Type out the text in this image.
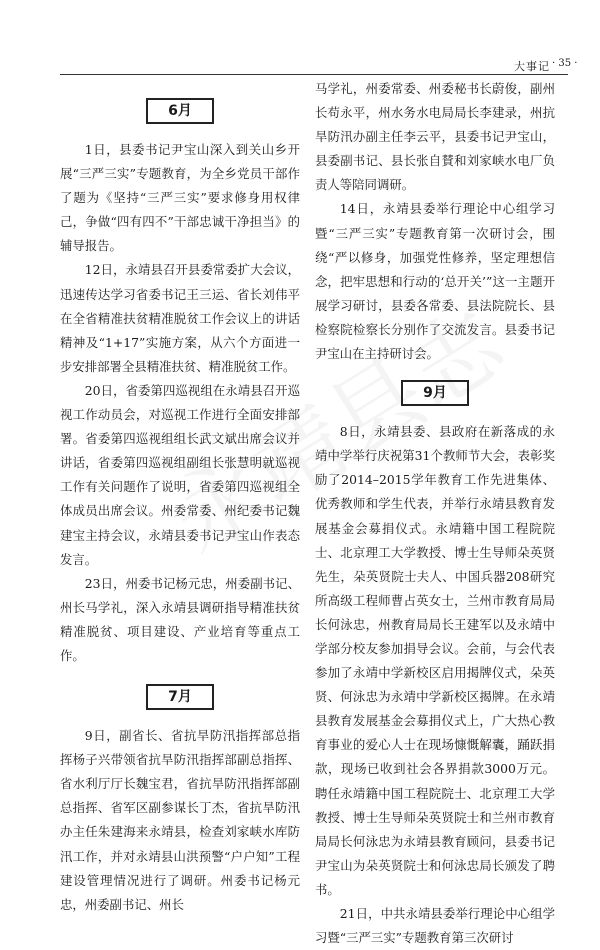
大事记 · 35 ·
6月

1日，县委书记尹宝山深入到关山乡开展“三严三实”专题教育，为全乡党员干部作了题为《坚持“三严三实”要求修身用权律己，争做“四有四不”干部忠诚干净担当》的辅导报告。

12日，永靖县召开县委常委扩大会议，迅速传达学习省委书记王三运、省长刘伟平在全省精准扶贫精准脱贫工作会议上的讲话精神及“1+17”实施方案，从六个方面进一步安排部署全县精准扶贫、精准脱贫工作。

20日，省委第四巡视组在永靖县召开巡视工作动员会，对巡视工作进行全面安排部署。省委第四巡视组组长武文斌出席会议并讲话，省委第四巡视组副组长张慧明就巡视工作有关问题作了说明，省委第四巡视组全体成员出席会议。州委常委、州纪委书记魏建宝主持会议，永靖县委书记尹宝山作表态发言。

23日，州委书记杨元忠，州委副书记、州长马学礼，深入永靖县调研指导精准扶贫精准脱贫、项目建设、产业培育等重点工作。

7月

9日，副省长、省抗旱防汛指挥部总指挥杨子兴带领省抗旱防汛指挥部副总指挥、省水利厅厅长魏宝君，省抗旱防汛指挥部副总指挥、省军区副参谋长丁杰，省抗旱防汛办主任朱建海来永靖县，检查刘家峡水库防汛工作，并对永靖县山洪预警“户户知”工程建设管理情况进行了调研。州委书记杨元忠，州委副书记、州长

马学礼，州委常委、州委秘书长蔚俊，副州长苟永平，州水务水电局局长李建录，州抗旱防汛办副主任李云平，县委书记尹宝山，县委副书记、县长张自賛和刘家峡水电厂负责人等陪同调研。

14日，永靖县委举行理论中心组学习暨“三严三实”专题教育第一次研讨会，围绕“严以修身，加强党性修养，坚定理想信念，把牢思想和行动的‘总开关’”这一主题开展学习研讨，县委各常委、县法院院长、县检察院检察长分别作了交流发言。县委书记尹宝山在主持研讨会。

9月

8日，永靖县委、县政府在新落成的永靖中学举行庆祝第31个教师节大会，表彰奖励了2014–2015学年教育工作先进集体、优秀教师和学生代表，并举行永靖县教育发展基金会募捐仪式。永靖籍中国工程院院士、北京理工大学教授、博士生导师朵英贤先生，朵英贤院士夫人、中国兵器208研究所高级工程师曹占英女士，兰州市教育局局长何泳忠，州教育局局长王建军以及永靖中学部分校友参加捐导会议。会前，与会代表参加了永靖中学新校区启用揭牌仪式，朵英贤、何泳忠为永靖中学新校区揭牌。在永靖县教育发展基金会募捐仪式上，广大热心教育事业的爱心人士在现场慷慨解囊，踊跃捐款，现场已收到社会各界捐款3000万元。聘任永靖籍中国工程院院士、北京理工大学教授、博士生导师朵英贤院士和兰州市教育局局长何泳忠为永靖县教育顾问，县委书记尹宝山为朵英贤院士和何泳忠局长颁发了聘书。

21日，中共永靖县委举行理论中心组学习暨“三严三实”专题教育第三次研讨
